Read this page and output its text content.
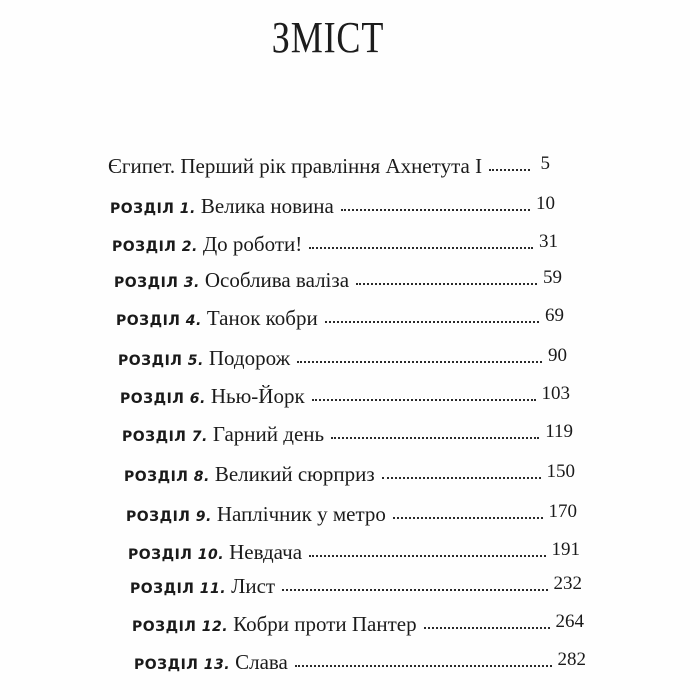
ЗМІСТ
Єгипет. Перший рік правління Ахнетута І	5
РОЗДІЛ 1. Велика новина	10
РОЗДІЛ 2. До роботи!	31
РОЗДІЛ 3. Особлива валіза	59
РОЗДІЛ 4. Танок кобри	69
РОЗДІЛ 5. Подорож	90
РОЗДІЛ 6. Нью-Йорк	103
РОЗДІЛ 7. Гарний день	119
РОЗДІЛ 8. Великий сюрприз	150
РОЗДІЛ 9. Наплічник у метро	170
РОЗДІЛ 10. Невдача	191
РОЗДІЛ 11. Лист	232
РОЗДІЛ 12. Кобри проти Пантер	264
РОЗДІЛ 13. Слава	282
